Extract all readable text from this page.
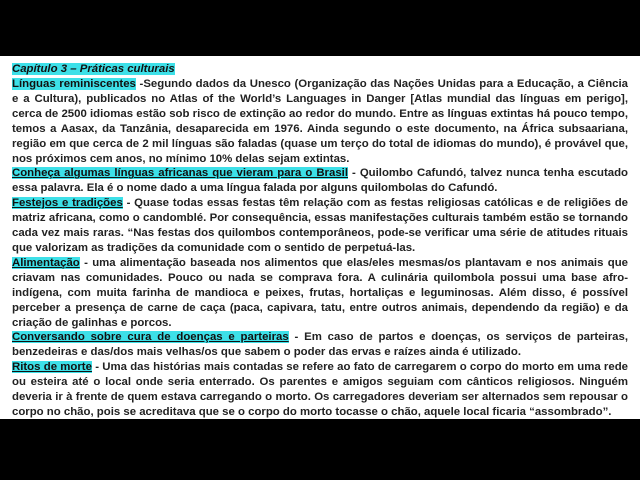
Capítulo 3 – Práticas culturais

Línguas reminiscentes -Segundo dados da Unesco (Organização das Nações Unidas para a Educação, a Ciência e a Cultura), publicados no Atlas of the World’s Languages in Danger [Atlas mundial das línguas em perigo], cerca de 2500 idiomas estão sob risco de extinção ao redor do mundo. Entre as línguas extintas há pouco tempo, temos a Aasax, da Tanzânia, desaparecida em 1976. Ainda segundo o este documento, na África subsaariana, região em que cerca de 2 mil línguas são faladas (quase um terço do total de idiomas do mundo), é provável que, nos próximos cem anos, no mínimo 10% delas sejam extintas.

Conheça algumas línguas africanas que vieram para o Brasil - Quilombo Cafundó, talvez nunca tenha escutado essa palavra. Ela é o nome dado a uma língua falada por alguns quilombolas do Cafundó.

Festejos e tradições - Quase todas essas festas têm relação com as festas religiosas católicas e de religiões de matriz africana, como o candomblé. Por consequência, essas manifestações culturais também estão se tornando cada vez mais raras. “Nas festas dos quilombos contemporâneos, pode-se verificar uma série de atitudes rituais que valorizam as tradições da comunidade com o sentido de perpetuá-las.

Alimentação - uma alimentação baseada nos alimentos que elas/eles mesmas/os plantavam e nos animais que criavam nas comunidades. Pouco ou nada se comprava fora. A culinária quilombola possui uma base afro-indígena, com muita farinha de mandioca e peixes, frutas, hortaliças e leguminosas. Além disso, é possível perceber a presença de carne de caça (paca, capivara, tatu, entre outros animais, dependendo da região) e da criação de galinhas e porcos.

Conversando sobre cura de doenças e parteiras - Em caso de partos e doenças, os serviços de parteiras, benzedeiras e das/dos mais velhas/os que sabem o poder das ervas e raízes ainda é utilizado.

Ritos de morte - Uma das histórias mais contadas se refere ao fato de carregarem o corpo do morto em uma rede ou esteira até o local onde seria enterrado. Os parentes e amigos seguiam com cânticos religiosos. Ninguém deveria ir à frente de quem estava carregando o morto. Os carregadores deveriam ser alternados sem repousar o corpo no chão, pois se acreditava que se o corpo do morto tocasse o chão, aquele local ficaria “assombrado”.
